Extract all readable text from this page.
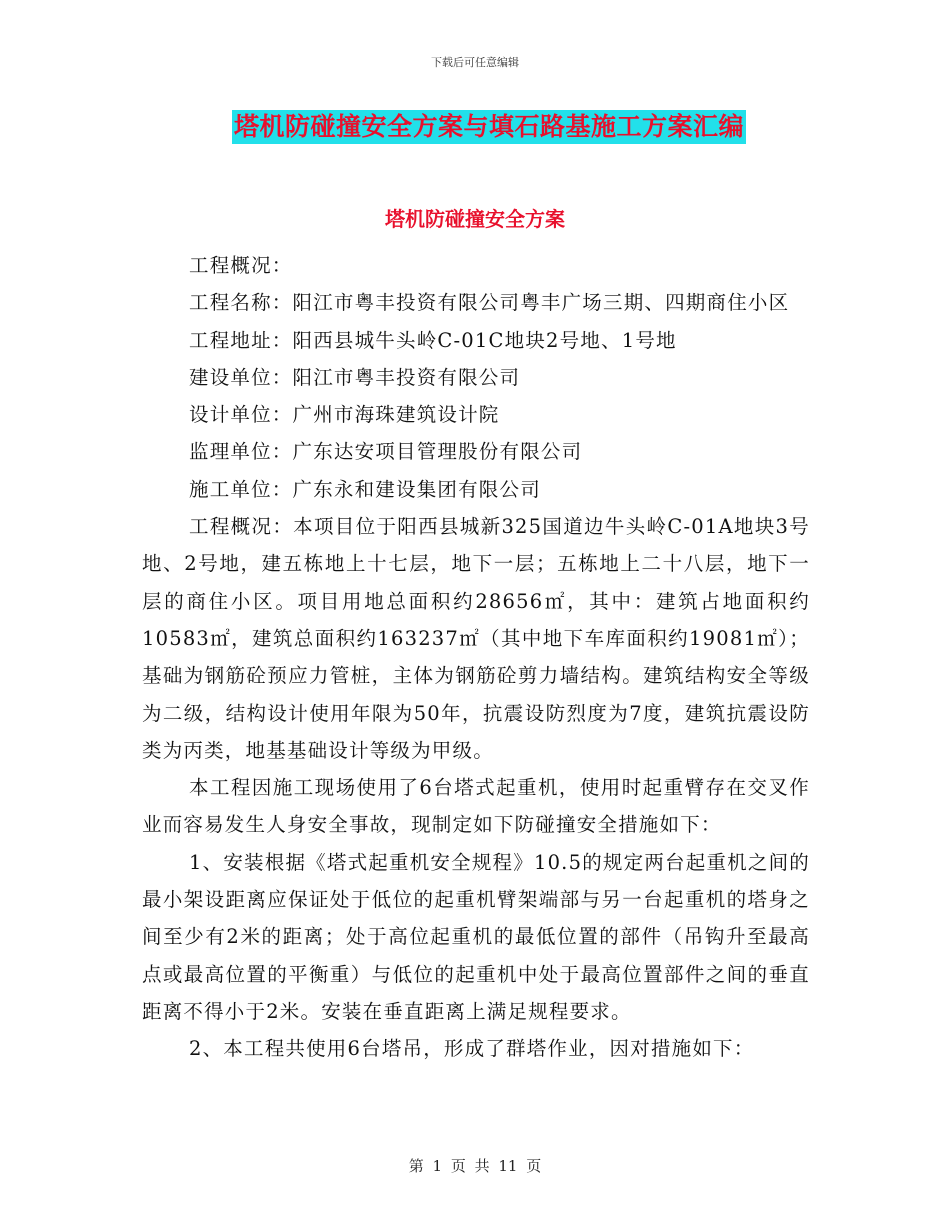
下载后可任意编辑
塔机防碰撞安全方案与填石路基施工方案汇编
塔机防碰撞安全方案

工程概况：

工程名称：阳江市粤丰投资有限公司粤丰广场三期、四期商住小区

工程地址：阳西县城牛头岭C-01C地块2号地、1号地

建设单位：阳江市粤丰投资有限公司

设计单位：广州市海珠建筑设计院

监理单位：广东达安项目管理股份有限公司

施工单位：广东永和建设集团有限公司

工程概况：本项目位于阳西县城新325国道边牛头岭C-01A地块3号地、2号地，建五栋地上十七层，地下一层；五栋地上二十八层，地下一层的商住小区。项目用地总面积约28656㎡，其中：建筑占地面积约10583㎡，建筑总面积约163237㎡（其中地下车库面积约19081㎡）；基础为钢筋砼预应力管桩，主体为钢筋砼剪力墙结构。建筑结构安全等级为二级，结构设计使用年限为50年，抗震设防烈度为7度，建筑抗震设防类为丙类，地基基础设计等级为甲级。

本工程因施工现场使用了6台塔式起重机，使用时起重臂存在交叉作业而容易发生人身安全事故，现制定如下防碰撞安全措施如下：

1、安装根据《塔式起重机安全规程》10.5的规定两台起重机之间的最小架设距离应保证处于低位的起重机臂架端部与另一台起重机的塔身之间至少有2米的距离；处于高位起重机的最低位置的部件（吊钩升至最高点或最高位置的平衡重）与低位的起重机中处于最高位置部件之间的垂直距离不得小于2米。安装在垂直距离上满足规程要求。

2、本工程共使用6台塔吊，形成了群塔作业，因对措施如下：

第 1 页 共 11 页
